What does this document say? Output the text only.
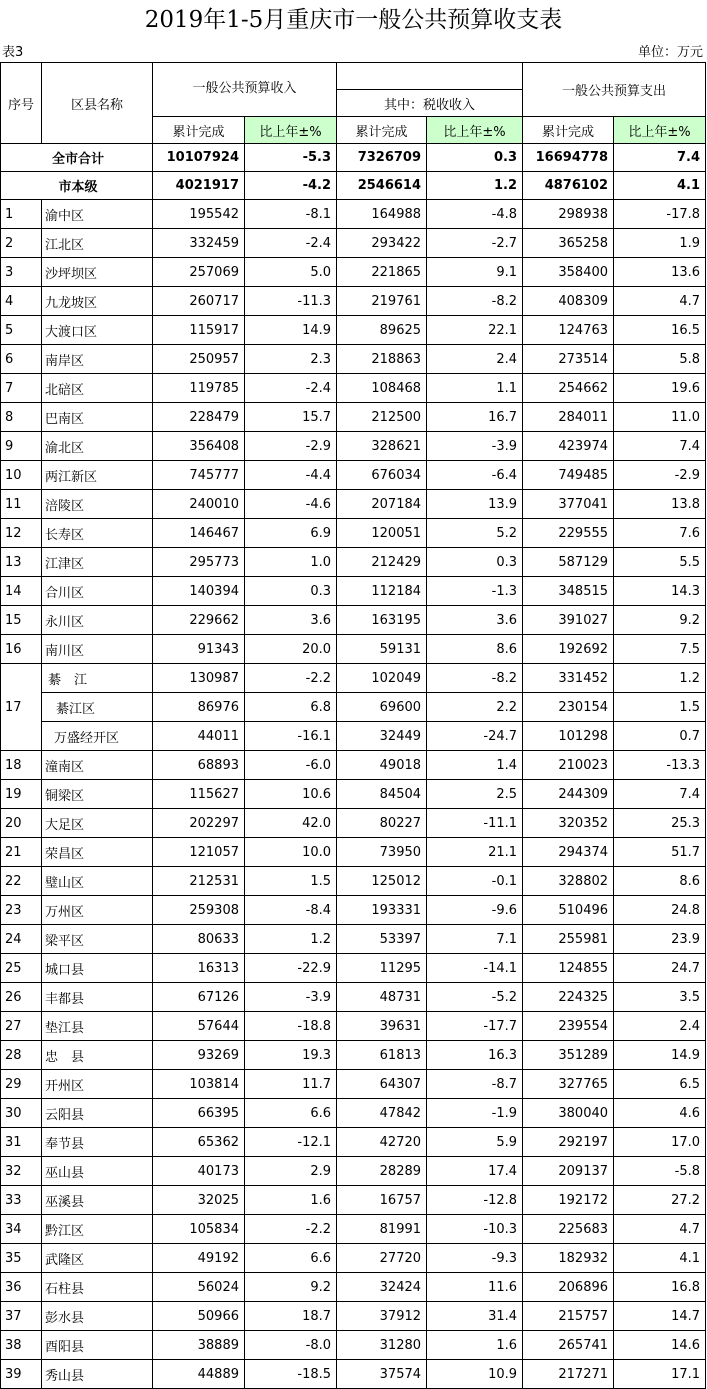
2019年1-5月重庆市一般公共预算收支表
表3	单位：万元
序号	区县名称	一般公共预算收入				一般公共预算支出	
				其中：税收收入			
		累计完成	比上年±%	累计完成	比上年±%	累计完成	比上年±%
全市合计		10107924	-5.3	7326709	0.3	16694778	7.4
市本级		4021917	-4.2	2546614	1.2	4876102	4.1
1	渝中区	195542	-8.1	164988	-4.8	298938	-17.8
2	江北区	332459	-2.4	293422	-2.7	365258	1.9
3	沙坪坝区	257069	5.0	221865	9.1	358400	13.6
4	九龙坡区	260717	-11.3	219761	-8.2	408309	4.7
5	大渡口区	115917	14.9	89625	22.1	124763	16.5
6	南岸区	250957	2.3	218863	2.4	273514	5.8
7	北碚区	119785	-2.4	108468	1.1	254662	19.6
8	巴南区	228479	15.7	212500	16.7	284011	11.0
9	渝北区	356408	-2.9	328621	-3.9	423974	7.4
10	两江新区	745777	-4.4	676034	-6.4	749485	-2.9
11	涪陵区	240010	-4.6	207184	13.9	377041	13.8
12	长寿区	146467	6.9	120051	5.2	229555	7.6
13	江津区	295773	1.0	212429	0.3	587129	5.5
14	合川区	140394	0.3	112184	-1.3	348515	14.3
15	永川区	229662	3.6	163195	3.6	391027	9.2
16	南川区	91343	20.0	59131	8.6	192692	7.5
17	綦　江	130987	-2.2	102049	-8.2	331452	1.2
	綦江区	86976	6.8	69600	2.2	230154	1.5
	万盛经开区	44011	-16.1	32449	-24.7	101298	0.7
18	潼南区	68893	-6.0	49018	1.4	210023	-13.3
19	铜梁区	115627	10.6	84504	2.5	244309	7.4
20	大足区	202297	42.0	80227	-11.1	320352	25.3
21	荣昌区	121057	10.0	73950	21.1	294374	51.7
22	璧山区	212531	1.5	125012	-0.1	328802	8.6
23	万州区	259308	-8.4	193331	-9.6	510496	24.8
24	梁平区	80633	1.2	53397	7.1	255981	23.9
25	城口县	16313	-22.9	11295	-14.1	124855	24.7
26	丰都县	67126	-3.9	48731	-5.2	224325	3.5
27	垫江县	57644	-18.8	39631	-17.7	239554	2.4
28	忠　县	93269	19.3	61813	16.3	351289	14.9
29	开州区	103814	11.7	64307	-8.7	327765	6.5
30	云阳县	66395	6.6	47842	-1.9	380040	4.6
31	奉节县	65362	-12.1	42720	5.9	292197	17.0
32	巫山县	40173	2.9	28289	17.4	209137	-5.8
33	巫溪县	32025	1.6	16757	-12.8	192172	27.2
34	黔江区	105834	-2.2	81991	-10.3	225683	4.7
35	武隆区	49192	6.6	27720	-9.3	182932	4.1
36	石柱县	56024	9.2	32424	11.6	206896	16.8
37	彭水县	50966	18.7	37912	31.4	215757	14.7
38	酉阳县	38889	-8.0	31280	1.6	265741	14.6
39	秀山县	44889	-18.5	37574	10.9	217271	17.1
